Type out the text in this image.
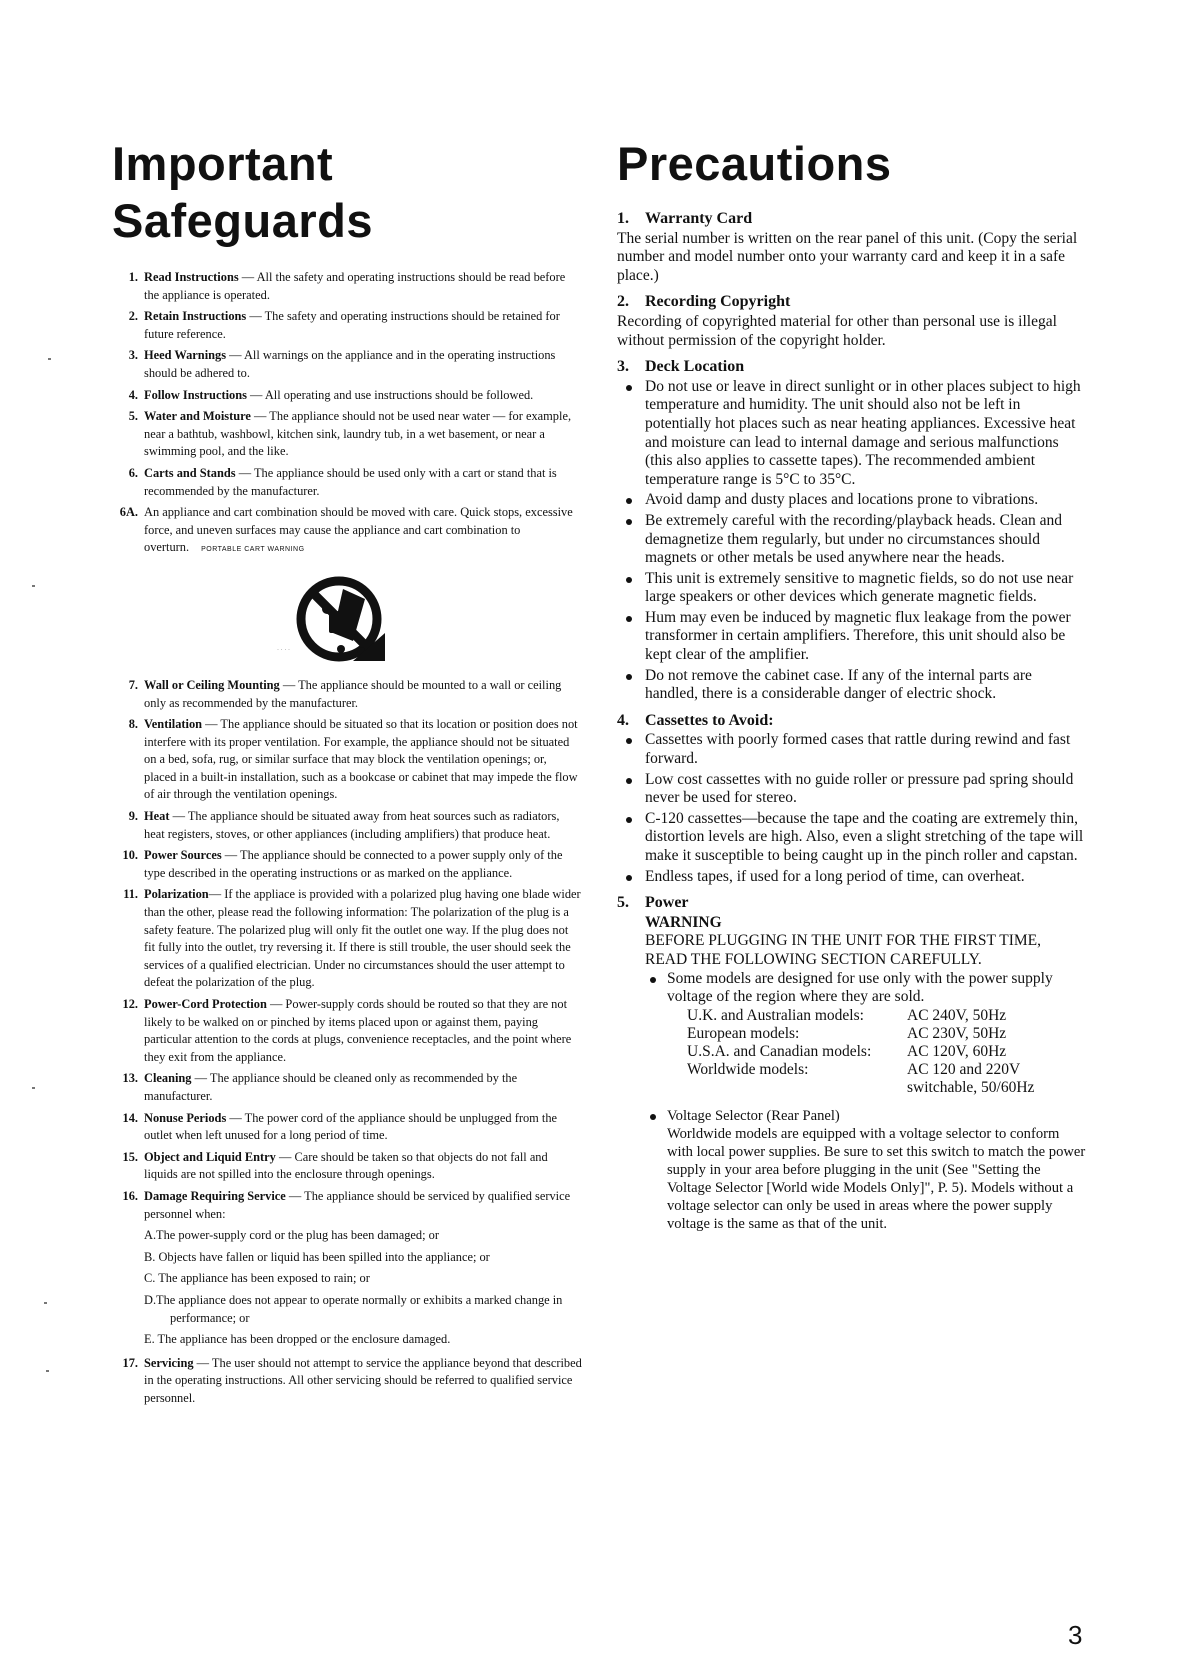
Important
Safeguards
1. Read Instructions — All the safety and operating instructions should be read before the appliance is operated.
2. Retain Instructions — The safety and operating instructions should be retained for future reference.
3. Heed Warnings — All warnings on the appliance and in the operating instructions should be adhered to.
4. Follow Instructions — All operating and use instructions should be followed.
5. Water and Moisture — The appliance should not be used near water — for example, near a bathtub, washbowl, kitchen sink, laundry tub, in a wet basement, or near a swimming pool, and the like.
6. Carts and Stands — The appliance should be used only with a cart or stand that is recommended by the manufacturer.
6A. An appliance and cart combination should be moved with care. Quick stops, excessive force, and uneven surfaces may cause the appliance and cart combination to overturn. PORTABLE CART WARNING
· · · ·
7. Wall or Ceiling Mounting — The appliance should be mounted to a wall or ceiling only as recommended by the manufacturer.
8. Ventilation — The appliance should be situated so that its location or position does not interfere with its proper ventilation. For example, the appliance should not be situated on a bed, sofa, rug, or similar surface that may block the ventilation openings; or, placed in a built-in installation, such as a bookcase or cabinet that may impede the flow of air through the ventilation openings.
9. Heat — The appliance should be situated away from heat sources such as radiators, heat registers, stoves, or other appliances (including amplifiers) that produce heat.
10. Power Sources — The appliance should be connected to a power supply only of the type described in the operating instructions or as marked on the appliance.
11. Polarization— If the appliace is provided with a polarized plug having one blade wider than the other, please read the following information: The polarization of the plug is a safety feature. The polarized plug will only fit the outlet one way. If the plug does not fit fully into the outlet, try reversing it. If there is still trouble, the user should seek the services of a qualified electrician. Under no circumstances should the user attempt to defeat the polarization of the plug.
12. Power-Cord Protection — Power-supply cords should be routed so that they are not likely to be walked on or pinched by items placed upon or against them, paying particular attention to the cords at plugs, convenience receptacles, and the point where they exit from the appliance.
13. Cleaning — The appliance should be cleaned only as recommended by the manufacturer.
14. Nonuse Periods — The power cord of the appliance should be unplugged from the outlet when left unused for a long period of time.
15. Object and Liquid Entry — Care should be taken so that objects do not fall and liquids are not spilled into the enclosure through openings.
16. Damage Requiring Service — The appliance should be serviced by qualified service personnel when:
A.The power-supply cord or the plug has been damaged; or
B. Objects have fallen or liquid has been spilled into the appliance; or
C. The appliance has been exposed to rain; or
D.The appliance does not appear to operate normally or exhibits a marked change in performance; or
E. The appliance has been dropped or the enclosure damaged.
17. Servicing — The user should not attempt to service the appliance beyond that described in the operating instructions. All other servicing should be referred to qualified service personnel.
Precautions
1. Warranty Card
The serial number is written on the rear panel of this unit. (Copy the serial number and model number onto your warranty card and keep it in a safe place.)
2. Recording Copyright
Recording of copyrighted material for other than personal use is illegal without permission of the copyright holder.
3. Deck Location
Do not use or leave in direct sunlight or in other places subject to high temperature and humidity. The unit should also not be left in potentially hot places such as near heating appliances. Excessive heat and moisture can lead to internal damage and serious malfunctions (this also applies to cassette tapes). The recommended ambient temperature range is 5°C to 35°C.
Avoid damp and dusty places and locations prone to vibrations.
Be extremely careful with the recording/playback heads. Clean and demagnetize them regularly, but under no circumstances should magnets or other metals be used anywhere near the heads.
This unit is extremely sensitive to magnetic fields, so do not use near large speakers or other devices which generate magnetic fields.
Hum may even be induced by magnetic flux leakage from the power transformer in certain amplifiers. Therefore, this unit should also be kept clear of the amplifier.
Do not remove the cabinet case. If any of the internal parts are handled, there is a considerable danger of electric shock.
4. Cassettes to Avoid:
Cassettes with poorly formed cases that rattle during rewind and fast forward.
Low cost cassettes with no guide roller or pressure pad spring should never be used for stereo.
C-120 cassettes—because the tape and the coating are extremely thin, distortion levels are high. Also, even a slight stretching of the tape will make it susceptible to being caught up in the pinch roller and capstan.
Endless tapes, if used for a long period of time, can overheat.
5. Power
WARNING
BEFORE PLUGGING IN THE UNIT FOR THE FIRST TIME, READ THE FOLLOWING SECTION CAREFULLY.
Some models are designed for use only with the power supply voltage of the region where they are sold.
U.K. and Australian models:	AC 240V, 50Hz
European models:	AC 230V, 50Hz
U.S.A. and Canadian models:	AC 120V, 60Hz
Worldwide models:	AC 120 and 220V
	switchable, 50/60Hz
Voltage Selector (Rear Panel)
Worldwide models are equipped with a voltage selector to conform with local power supplies. Be sure to set this switch to match the power supply in your area before plugging in the unit (See "Setting the Voltage Selector [World wide Models Only]", P. 5). Models without a voltage selector can only be used in areas where the power supply voltage is the same as that of the unit.
3
